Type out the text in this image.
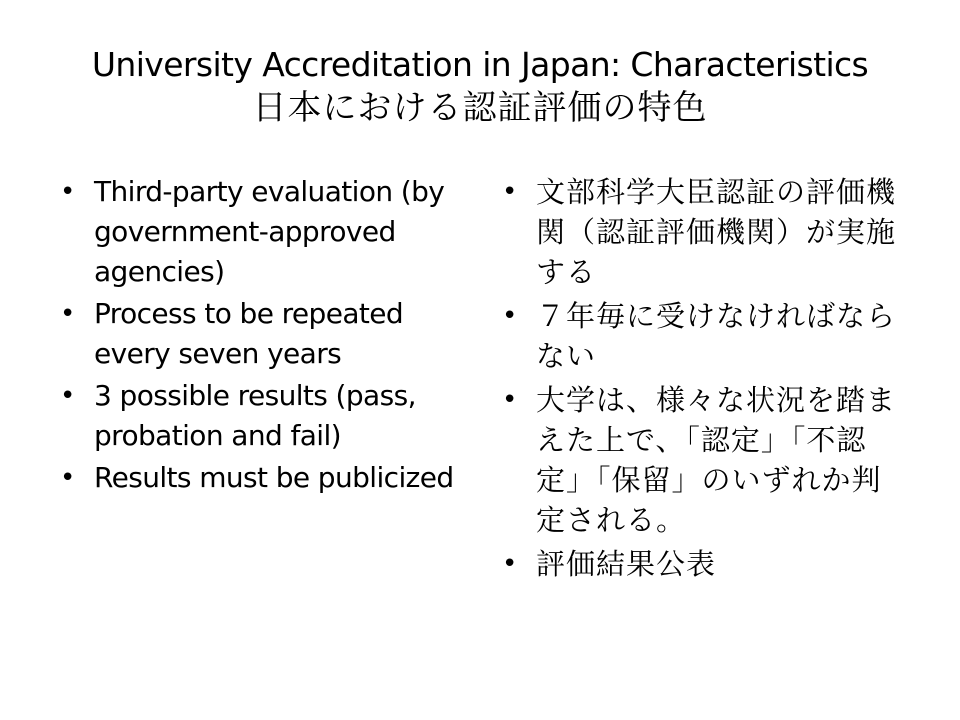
University Accreditation in Japan: Characteristics
日本における認証評価の特色
• Third-party evaluation (by government-approved agencies)
• Process to be repeated every seven years
• 3 possible results (pass, probation and fail)
• Results must be publicized
• 文部科学大臣認証の評価機関（認証評価機関）が実施する
• ７年毎に受けなければならない
• 大学は、様々な状況を踏まえた上で、「認定」「不認定」「保留」のいずれか判定される。
• 評価結果公表
